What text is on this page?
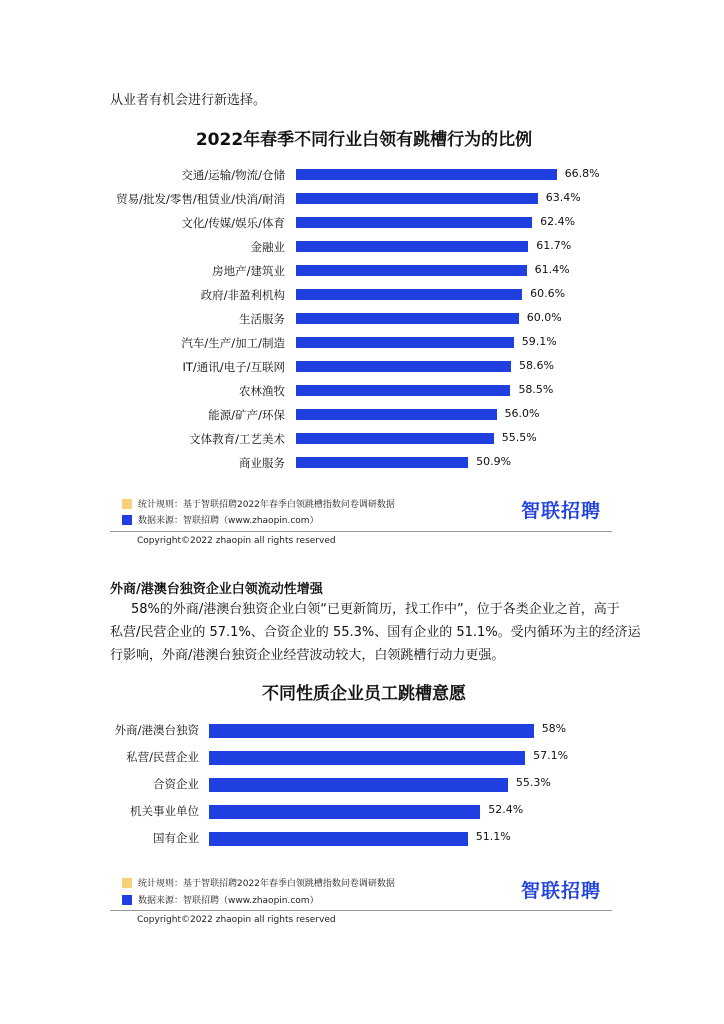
从业者有机会进行新选择。
2022年春季不同行业白领有跳槽行为的比例
交通/运输/物流/仓储	66.8%
贸易/批发/零售/租赁业/快消/耐消	63.4%
文化/传媒/娱乐/体育	62.4%
金融业	61.7%
房地产/建筑业	61.4%
政府/非盈利机构	60.6%
生活服务	60.0%
汽车/生产/加工/制造	59.1%
IT/通讯/电子/互联网	58.6%
农林渔牧	58.5%
能源/矿产/环保	56.0%
文体教育/工艺美术	55.5%
商业服务	50.9%
统计规则：基于智联招聘2022年春季白领跳槽指数问卷调研数据
数据来源：智联招聘（www.zhaopin.com）	智联招聘
Copyright©2022 zhaopin all rights reserved
外商/港澳台独资企业白领流动性增强
58%的外商/港澳台独资企业白领“已更新简历，找工作中”，位于各类企业之首，高于
私营/民营企业的 57.1%、合资企业的 55.3%、国有企业的 51.1%。受内循环为主的经济运
行影响，外商/港澳台独资企业经营波动较大，白领跳槽行动力更强。
不同性质企业员工跳槽意愿
外商/港澳台独资	58%
私营/民营企业	57.1%
合资企业	55.3%
机关事业单位	52.4%
国有企业	51.1%
统计规则：基于智联招聘2022年春季白领跳槽指数问卷调研数据
数据来源：智联招聘（www.zhaopin.com）	智联招聘
Copyright©2022 zhaopin all rights reserved
